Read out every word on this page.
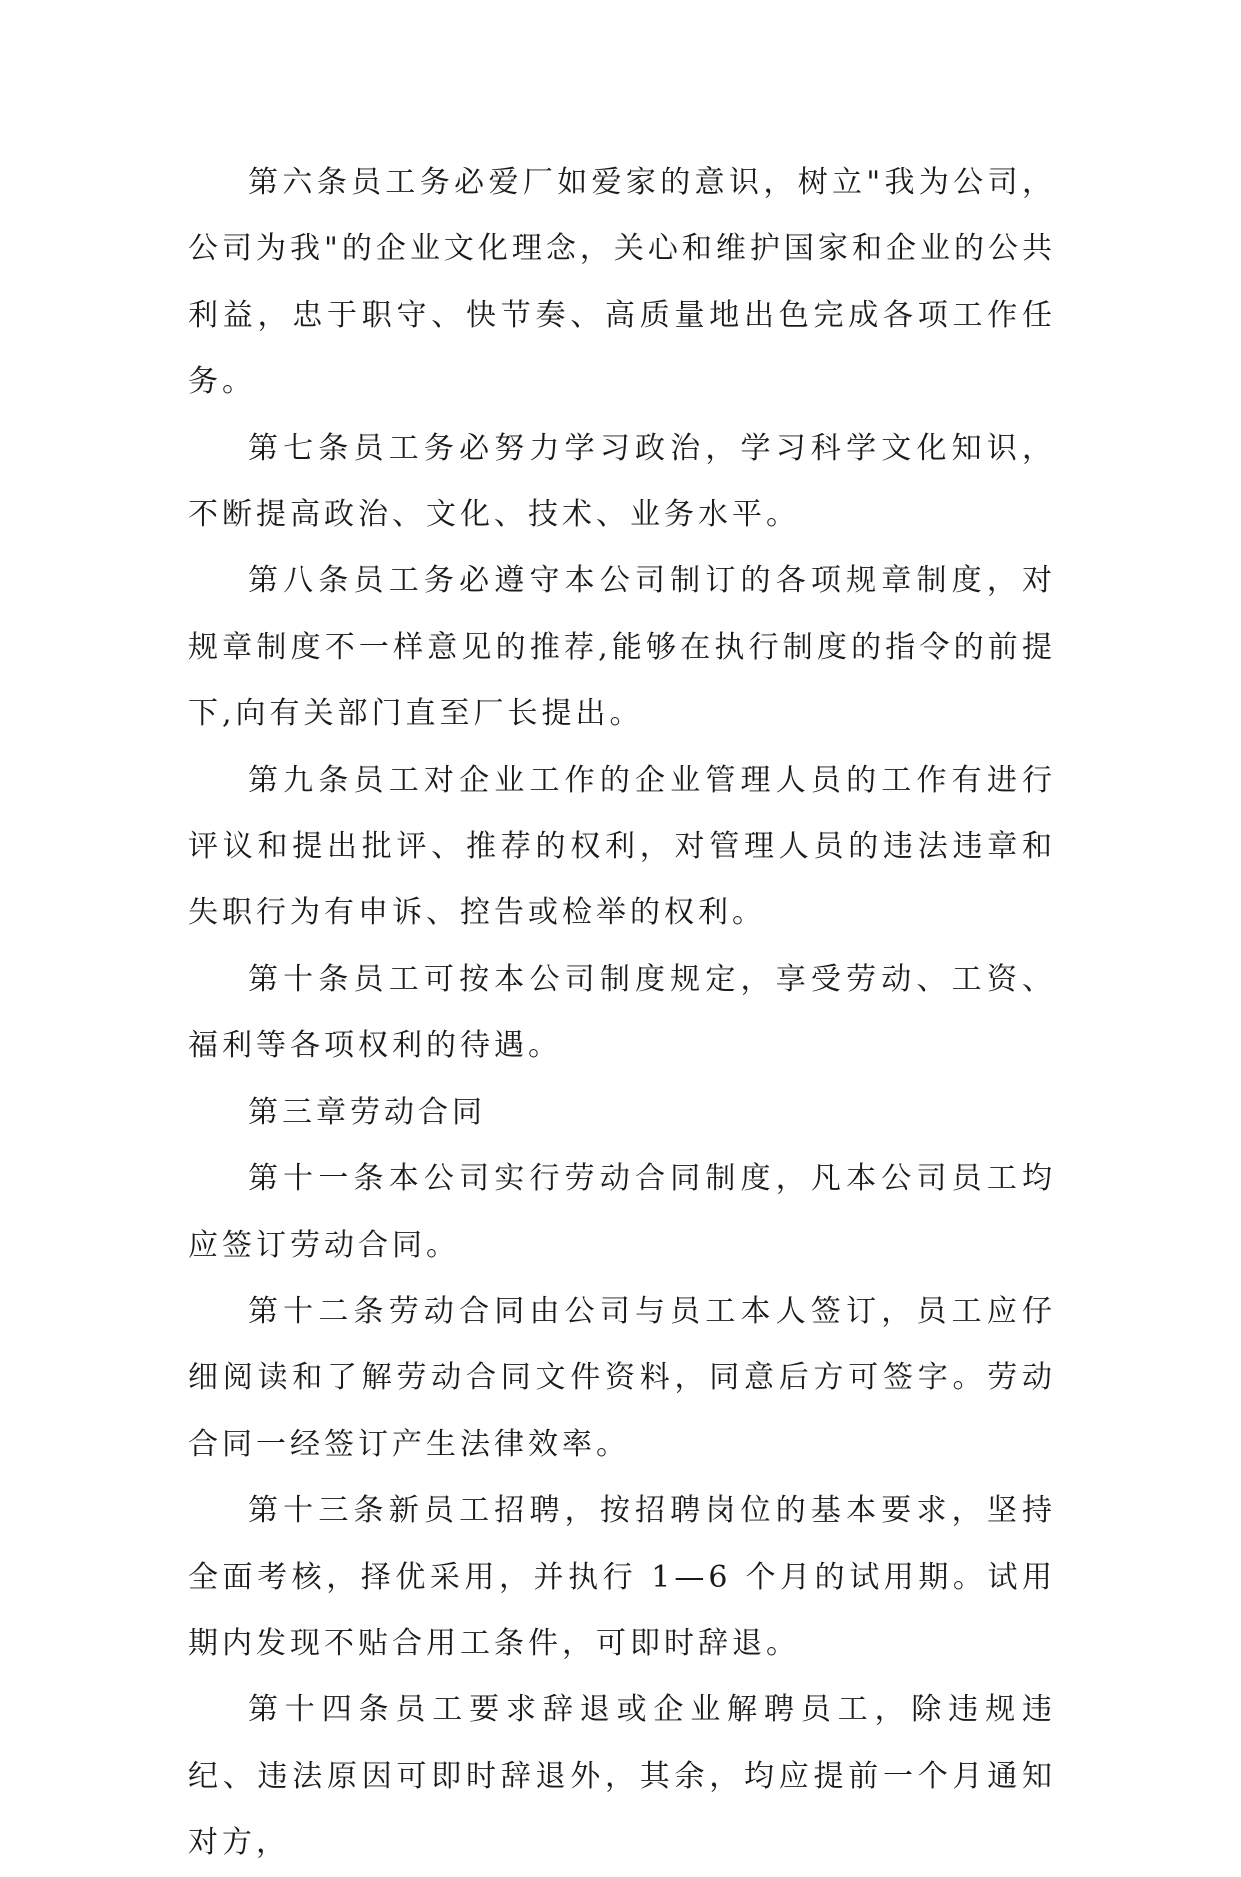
第六条员工务必爱厂如爱家的意识，树立"我为公司，公司为我"的企业文化理念，关心和维护国家和企业的公共利益，忠于职守、快节奏、高质量地出色完成各项工作任务。

第七条员工务必努力学习政治，学习科学文化知识，不断提高政治、文化、技术、业务水平。

第八条员工务必遵守本公司制订的各项规章制度，对规章制度不一样意见的推荐,能够在执行制度的指令的前提下,向有关部门直至厂长提出。

第九条员工对企业工作的企业管理人员的工作有进行评议和提出批评、推荐的权利，对管理人员的违法违章和失职行为有申诉、控告或检举的权利。

第十条员工可按本公司制度规定，享受劳动、工资、福利等各项权利的待遇。

第三章劳动合同

第十一条本公司实行劳动合同制度，凡本公司员工均应签订劳动合同。

第十二条劳动合同由公司与员工本人签订，员工应仔细阅读和了解劳动合同文件资料，同意后方可签字。劳动合同一经签订产生法律效率。

第十三条新员工招聘，按招聘岗位的基本要求，坚持全面考核，择优采用，并执行 1—6 个月的试用期。试用期内发现不贴合用工条件，可即时辞退。

第十四条员工要求辞退或企业解聘员工，除违规违纪、违法原因可即时辞退外，其余，均应提前一个月通知对方，
